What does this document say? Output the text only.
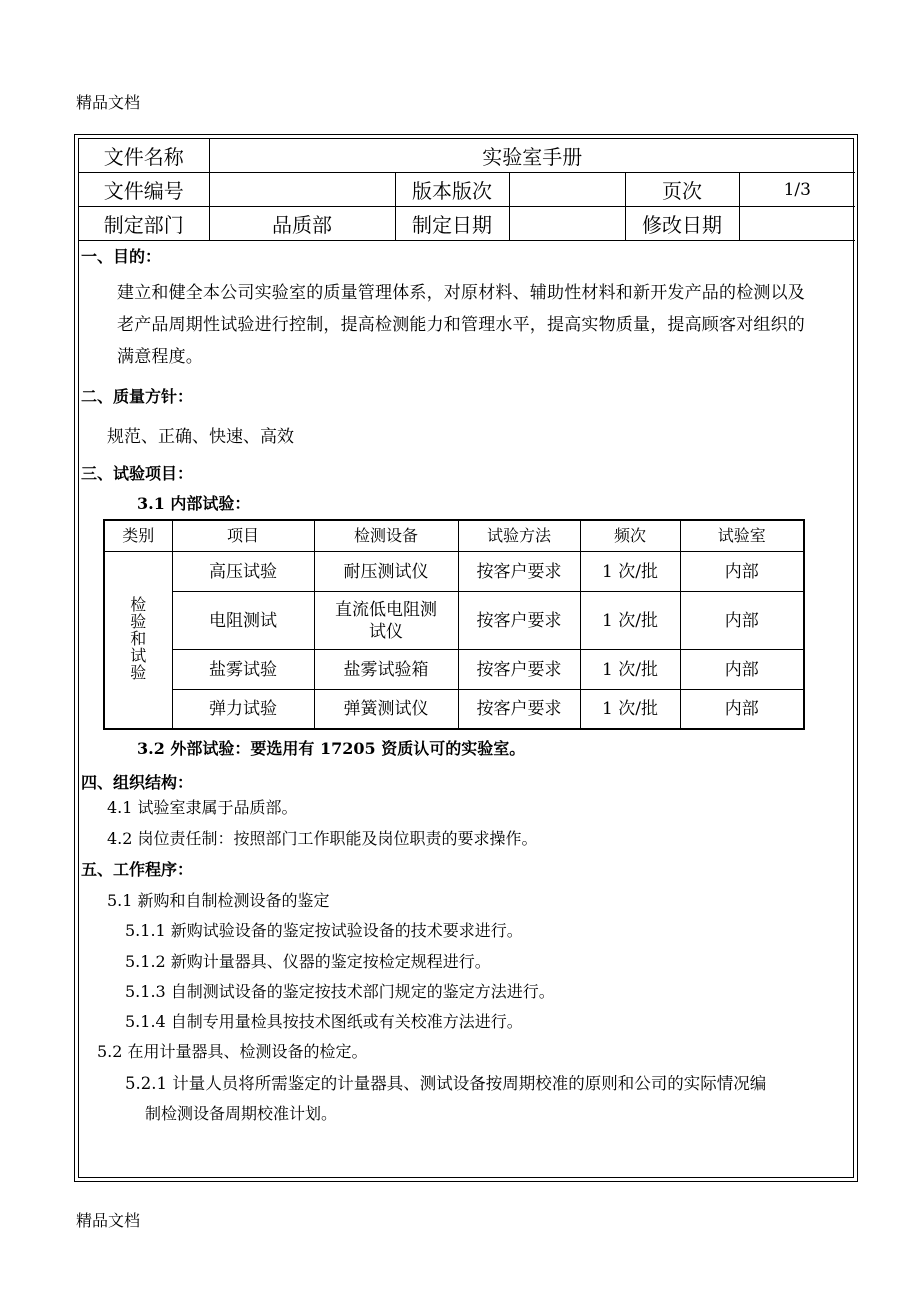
精品文档
文件名称	实验室手册				
文件编号		版本版次		页次	1/3
制定部门	品质部	制定日期		修改日期	
一、目的：
建立和健全本公司实验室的质量管理体系，对原材料、辅助性材料和新开发产品的检测以及
老产品周期性试验进行控制，提高检测能力和管理水平，提高实物质量，提高顾客对组织的
满意程度。
二、质量方针：
规范、正确、快速、高效
三、试验项目：
3.1 内部试验：
类别	项目	检测设备	试验方法	频次	试验室
检验和试验	高压试验	耐压测试仪	按客户要求	1 次/批	内部
	电阻测试	直流低电阻测试仪	按客户要求	1 次/批	内部
	盐雾试验	盐雾试验箱	按客户要求	1 次/批	内部
	弹力试验	弹簧测试仪	按客户要求	1 次/批	内部
3.2 外部试验：要选用有 17205 资质认可的实验室。
四、组织结构：
4.1 试验室隶属于品质部。
4.2 岗位责任制：按照部门工作职能及岗位职责的要求操作。
五、工作程序：
5.1 新购和自制检测设备的鉴定
5.1.1 新购试验设备的鉴定按试验设备的技术要求进行。
5.1.2 新购计量器具、仪器的鉴定按检定规程进行。
5.1.3 自制测试设备的鉴定按技术部门规定的鉴定方法进行。
5.1.4 自制专用量检具按技术图纸或有关校准方法进行。
5.2 在用计量器具、检测设备的检定。
5.2.1 计量人员将所需鉴定的计量器具、测试设备按周期校准的原则和公司的实际情况编
制检测设备周期校准计划。
精品文档
